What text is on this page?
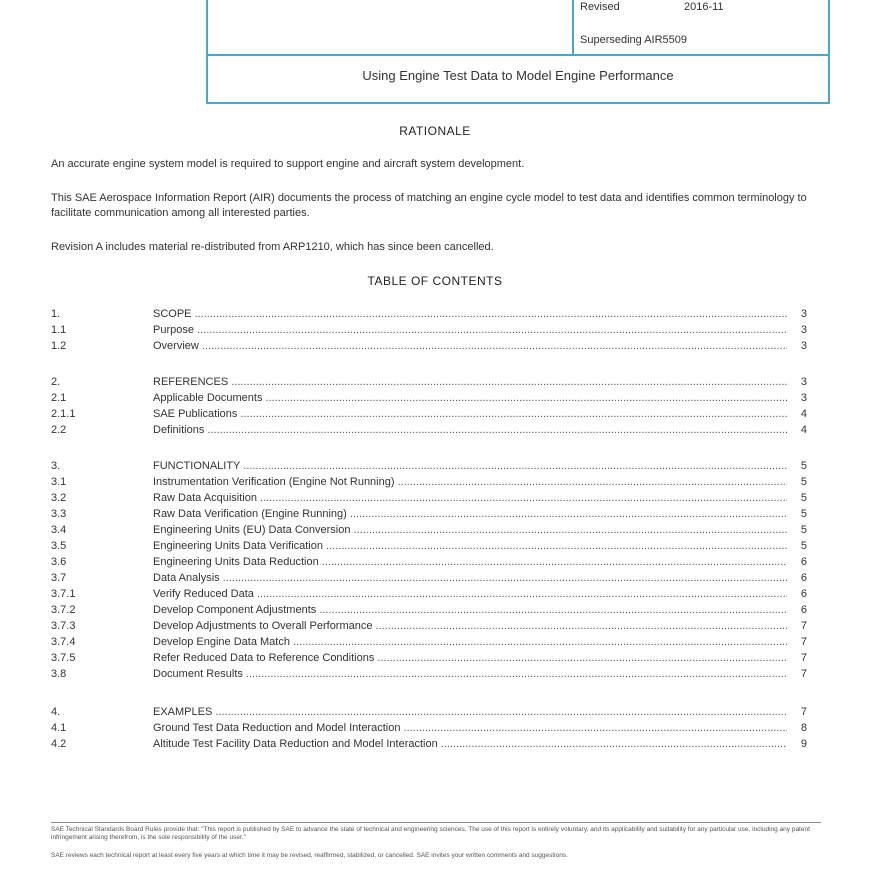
Revised	2016-11
Superseding AIR5509
Using Engine Test Data to Model Engine Performance
RATIONALE
An accurate engine system model is required to support engine and aircraft system development.
This SAE Aerospace Information Report (AIR) documents the process of matching an engine cycle model to test data and identifies common terminology to facilitate communication among all interested parties.
Revision A includes material re-distributed from ARP1210, which has since been cancelled.
TABLE OF CONTENTS
1.	SCOPE .....	3
1.1	Purpose .....	3
1.2	Overview .....	3
2.	REFERENCES .....	3
2.1	Applicable Documents .....	3
2.1.1	SAE Publications .....	4
2.2	Definitions .....	4
3.	FUNCTIONALITY .....	5
3.1	Instrumentation Verification (Engine Not Running) .....	5
3.2	Raw Data Acquisition .....	5
3.3	Raw Data Verification (Engine Running) .....	5
3.4	Engineering Units (EU) Data Conversion .....	5
3.5	Engineering Units Data Verification .....	5
3.6	Engineering Units Data Reduction .....	6
3.7	Data Analysis .....	6
3.7.1	Verify Reduced Data .....	6
3.7.2	Develop Component Adjustments .....	6
3.7.3	Develop Adjustments to Overall Performance .....	7
3.7.4	Develop Engine Data Match .....	7
3.7.5	Refer Reduced Data to Reference Conditions .....	7
3.8	Document Results .....	7
4.	EXAMPLES .....	7
4.1	Ground Test Data Reduction and Model Interaction .....	8
4.2	Altitude Test Facility Data Reduction and Model Interaction .....	9
SAE Technical Standards Board Rules provide that: "This report is published by SAE to advance the state of technical and engineering sciences. The use of this report is entirely voluntary, and its applicability and suitability for any particular use, including any patent infringement arising therefrom, is the sole responsibility of the user."
SAE reviews each technical report at least every five years at which time it may be revised, reaffirmed, stabilized, or cancelled. SAE invites your written comments and suggestions.
